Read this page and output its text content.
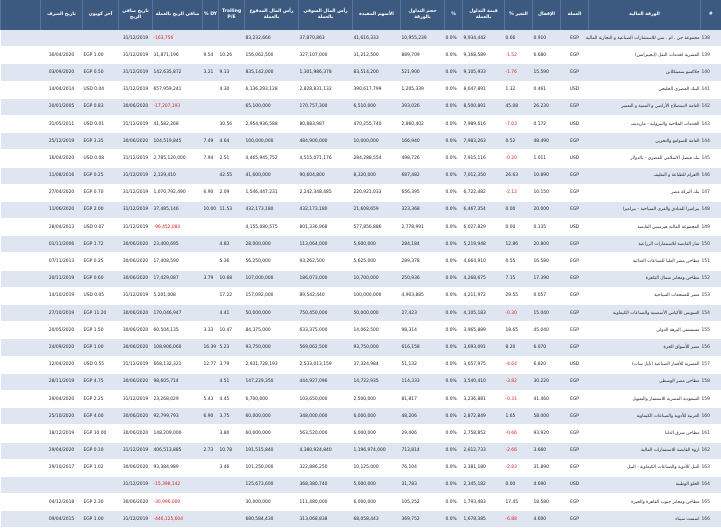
#	الورقة المالية	العملة	الإقفال	التغير %	قيمة التداول بالعملة	%	حجم التداول بالورقة	الأسهم المقيدة	رأس المال السوقي بالعملة	رأس المال المدفوع بالعملة	Trailing P/E	DY %	صافي الربح بالعملة	تاريخ صافي الربح	آخر كوبون	تاريخ الصرف	
138	مجموعة جي . ام . سي للاستثمارات الصناعية و التجارية المالية	EGP	0.910	0.66	9,934,442	0.0%	10,955,239	41,616,333	37,870,863	83,232,666			-163,756	31/12/2019			
139	المصرية لخدمات النقل (ايجيترانس)	EGP	6.680	-1.52	9,168,589	0.0%	889,709	31,212,500	327,107,000	156,062,500	10.26	9.54	31,871,196	31/12/2019	EGP 1.00	30/04/2020	
140	جلاكسو سميثكلاين	EGP	15.590	-1.76	9,105,933	0.0%	521,900	83,514,200	1,301,986,378	835,142,000	9.13	3.21	142,635,872	31/12/2019	EGP 0.50	03/09/2020	
141	البنك المصري الخليجي	USD	0.461	1.32	8,647,891	0.0%	1,205,339	390,617,799	2,828,831,132	6,136,293,128	4.30		657,959,241	31/12/2019	USD 0.04	14/04/2014	
142	العامة لاستصلاح الأراضي و التنمية و التعمير	EGP	26.230	45.08	8,500,891	0.0%	393,026	6,510,000	170,757,300	65,100,000			-17,207,193	30/06/2020	EGP 0.83	20/01/2005	
143	الخدمات الملاحية والبترولية - ماريديف	USD	0.172	-7.03	7,989,616	0.0%	2,860,402	470,255,740	80,883,987	2,954,936,588	30.56		41,582,268	31/12/2019	USD 0.01	31/05/2011	
144	العامة للصوامع والتخزين	EGP	48.490	0.52	7,983,263	0.0%	166,940	10,000,000	484,900,000	100,000,000	4.64	7.49	104,519,845	30/06/2020	EGP 3.35	25/12/2019	
145	بنك فيصل الاسلامي المصري - بالدولار	USD	1.011	-0.20	7,915,116	0.0%	498,726	284,288,554	4,515,071,176	4,465,945,752	2.51	7.94	2,785,120,000	31/12/2019	USD 0.08	16/04/2020	
146	الاهرام للطباعة و التغليف	EGP	10.890	26.63	7,012,350	0.0%	687,482	8,320,000	90,604,800	41,600,000	42.55		2,129,410	31/12/2019	EGP 0.25	11/08/2016	
147	بنك البركة مصر	EGP	10.150	-2.12	6,722,482	0.0%	656,395	220,921,033	2,242,348,485	1,546,447,231	2.09	6.90	1,070,792,490	31/12/2019	EGP 0.70	27/04/2020	
148	بيراميزا للفنادق والقرى السياحية - بيراميزا	EGP	20.000	0.00	6,467,354	0.0%	323,368	21,608,659	432,173,180	432,173,180	11.53	10.00	37,485,146	31/12/2019	EGP 2.00	11/06/2020	
149	المجموعة المالية هيرميس القابضة	USD	0.135	0.00	6,027,829	0.0%	2,778,991	577,856,886	801,336,968	4,155,080,575			-96,452,084	31/12/2019	USD 0.07	28/04/2013	
150	ثمار القابضة للاستثمارات الزراعية	EGP	20.800	12.86	5,219,948	0.0%	284,184	5,600,000	113,064,000	28,000,000	4.83		23,400,695	30/06/2020	EGP 1.72	01/11/2006	
151	مطاحن مصر العليا للصناعات الغذائية	EGP	16.580	0.55	4,664,910	0.0%	289,378	5,625,000	93,262,500	56,250,000	5.36		17,408,590	30/06/2020	EGP 0.25	07/11/2013	
152	مطاحن ومخابز شمال القاهرة	EGP	17.390	7.15	4,268,675	0.0%	250,936	10,700,000	186,073,000	107,000,000	10.68	3.79	17,429,087	30/06/2020	EGP 0.60	20/11/2019	
153	مصر للمنتجعات السياحية	EGP	0.057	29.55	4,211,972	0.0%	4,903,885	100,000,000	89,542,440	157,092,000	17.22		5,201,008	31/12/2019	USD 0.05	14/10/2019	
154	السويس للأكياس الأسمنتية والصناعات الكيماوية	EGP	15.040	-0.30	4,105,183	0.0%	27,423	50,000,000	750,450,000	50,000,000	4.41		170,046,947	30/06/2020	EGP 11.20	27/10/2019	
155	مستشفى النزهة الدولي	EGP	45.040	18.65	3,965,889	0.0%	98,314	14,062,500	633,375,000	84,375,000	10.47	3.33	60,504,135	30/06/2020	EGP 1.50	20/05/2020	
156	مصر للأسواق الحرة	EGP	6.070	8.20	3,693,091	0.0%	616,158	93,750,000	569,062,500	93,750,000	5.23	16.39	108,906,060	30/06/2020	EGP 1.00	24/09/2020	
157	المصرية للأقمار الصناعية (نايل سات)	USD	6.820	-4.64	3,657,975	0.0%	51,132	37,324,984	2,533,013,159	2,931,728,193	3.79	12.77	668,132,321	31/12/2019	USD 0.55	12/04/2020	
158	مطاحن مصر الوسطى	EGP	30.220	-3.82	3,540,410	0.0%	114,333	14,722,935	444,927,096	147,229,350	4.51		98,605,714	30/06/2020	EGP 4.75	28/11/2019	
159	السعودية المصرية للاستثمار والتمويل	EGP	41.460	-0.31	3,236,881	0.0%	81,817	2,500,000	103,650,000	6,700,000	4.45	5.43	23,268,029	31/12/2019	EGP 2.25	29/04/2020	
160	العربية للأدوية والصناعات الكيماوية	EGP	58.000	1.65	2,872,849	0.0%	48,206	6,000,000	348,000,000	60,000,000	3.75	6.90	92,799,793	30/06/2020	EGP 4.00	25/10/2020	
161	مطاحن شرق الدلتا	EGP	93.920	-0.66	2,758,852	0.0%	29,406	6,000,000	563,520,000	60,000,000	3.80		148,209,000	30/06/2020	EGP 10.00	18/12/2019	
162	اروة القابضة للاستثمارات المالية	EGP	3.660	-2.66	2,612,733	0.0%	713,814	1,196,974,000	4,380,924,840	191,515,840	10.78	2.73	406,513,885	31/12/2019	EGP 0.10	29/04/2020	
163	النيل للأدوية والصناعات الكيماوية - النيل	EGP	31.890	-2.83	2,381,180	0.0%	76,104	10,125,000	322,886,250	101,250,000	3.46		93,384,989	30/06/2020	EGP 1.02	29/10/2017	
164	الحلو الوطنية	USD	4.690	0.00	2,345,182	0.0%	31,783	5,000,000	368,380,740	125,673,600			-15,398,142	31/12/2019			
165	مطاحن ومخابز جنوب القاهرة والجيزة	EGP	18.580	17.45	1,793,483	0.0%	105,252	6,000,000	111,480,000	30,000,000			-30,996,000	30/06/2020	EGP 2.30	04/12/2018	
166	اسمنت سيناء	EGP	4.600	-6.88	1,678,385	0.0%	369,752	68,058,443	313,068,838	680,584,430			-446,125,604	31/12/2019	EGP 1.00	09/04/2015	
